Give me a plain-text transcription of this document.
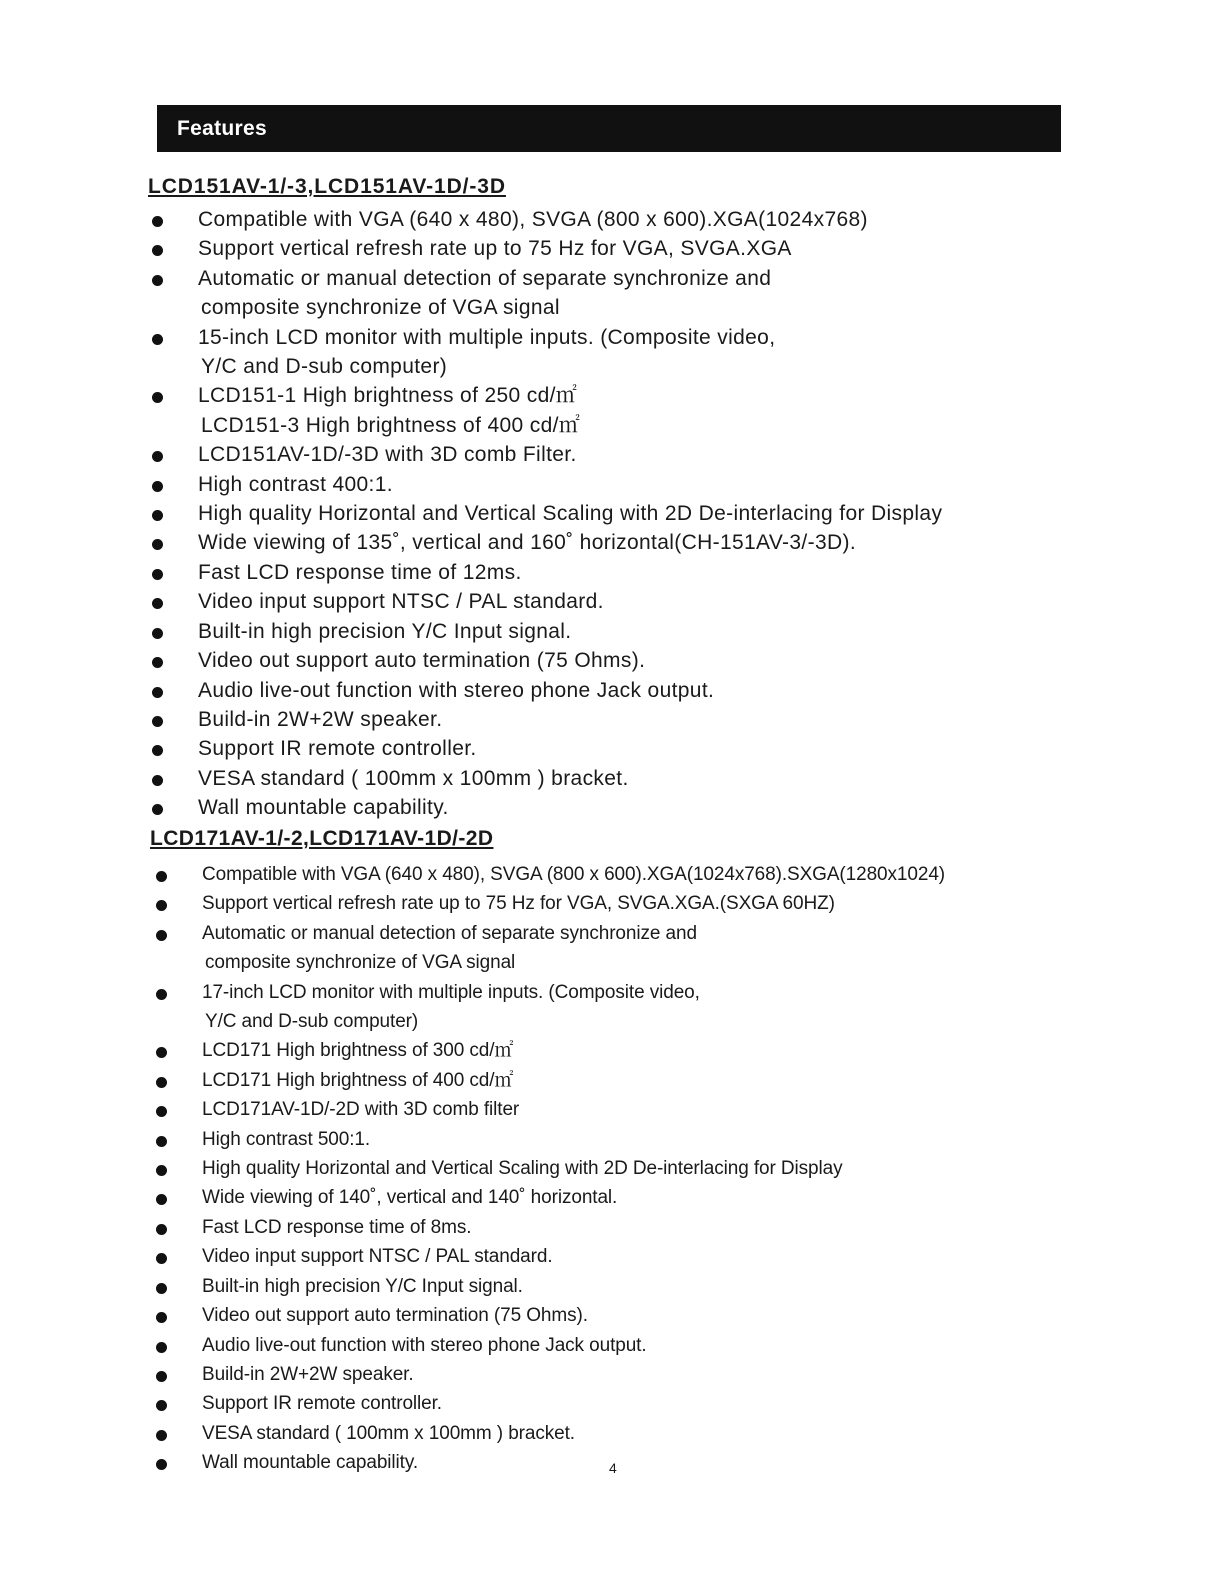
Features
LCD151AV-1/-3,LCD151AV-1D/-3D
Compatible with VGA (640 x 480), SVGA (800 x 600).XGA(1024x768)
Support vertical refresh rate up to 75 Hz for VGA, SVGA.XGA
Automatic or manual detection of separate synchronize and
composite synchronize of VGA signal
15-inch LCD monitor with multiple inputs. (Composite video,
Y/C and D-sub computer)
LCD151-1 High brightness of 250 cd/㎡
LCD151-3 High brightness of 400 cd/㎡
LCD151AV-1D/-3D with 3D comb Filter.
High contrast 400:1.
High quality Horizontal and Vertical Scaling with 2D De-interlacing for Display
Wide viewing of 135˚, vertical and 160˚ horizontal(CH-151AV-3/-3D).
Fast LCD response time of 12ms.
Video input support NTSC / PAL standard.
Built-in high precision Y/C Input signal.
Video out support auto termination (75 Ohms).
Audio live-out function with stereo phone Jack output.
Build-in 2W+2W speaker.
Support IR remote controller.
VESA standard ( 100mm x 100mm ) bracket.
Wall mountable capability.
LCD171AV-1/-2,LCD171AV-1D/-2D
Compatible with VGA (640 x 480), SVGA (800 x 600).XGA(1024x768).SXGA(1280x1024)
Support vertical refresh rate up to 75 Hz for VGA, SVGA.XGA.(SXGA 60HZ)
Automatic or manual detection of separate synchronize and
composite synchronize of VGA signal
17-inch LCD monitor with multiple inputs. (Composite video,
Y/C and D-sub computer)
LCD171 High brightness of 300 cd/㎡
LCD171 High brightness of 400 cd/㎡
LCD171AV-1D/-2D with 3D comb filter
High contrast 500:1.
High quality Horizontal and Vertical Scaling with 2D De-interlacing for Display
Wide viewing of 140˚, vertical and 140˚ horizontal.
Fast LCD response time of 8ms.
Video input support NTSC / PAL standard.
Built-in high precision Y/C Input signal.
Video out support auto termination (75 Ohms).
Audio live-out function with stereo phone Jack output.
Build-in 2W+2W speaker.
Support IR remote controller.
VESA standard ( 100mm x 100mm ) bracket.
Wall mountable capability.	4
